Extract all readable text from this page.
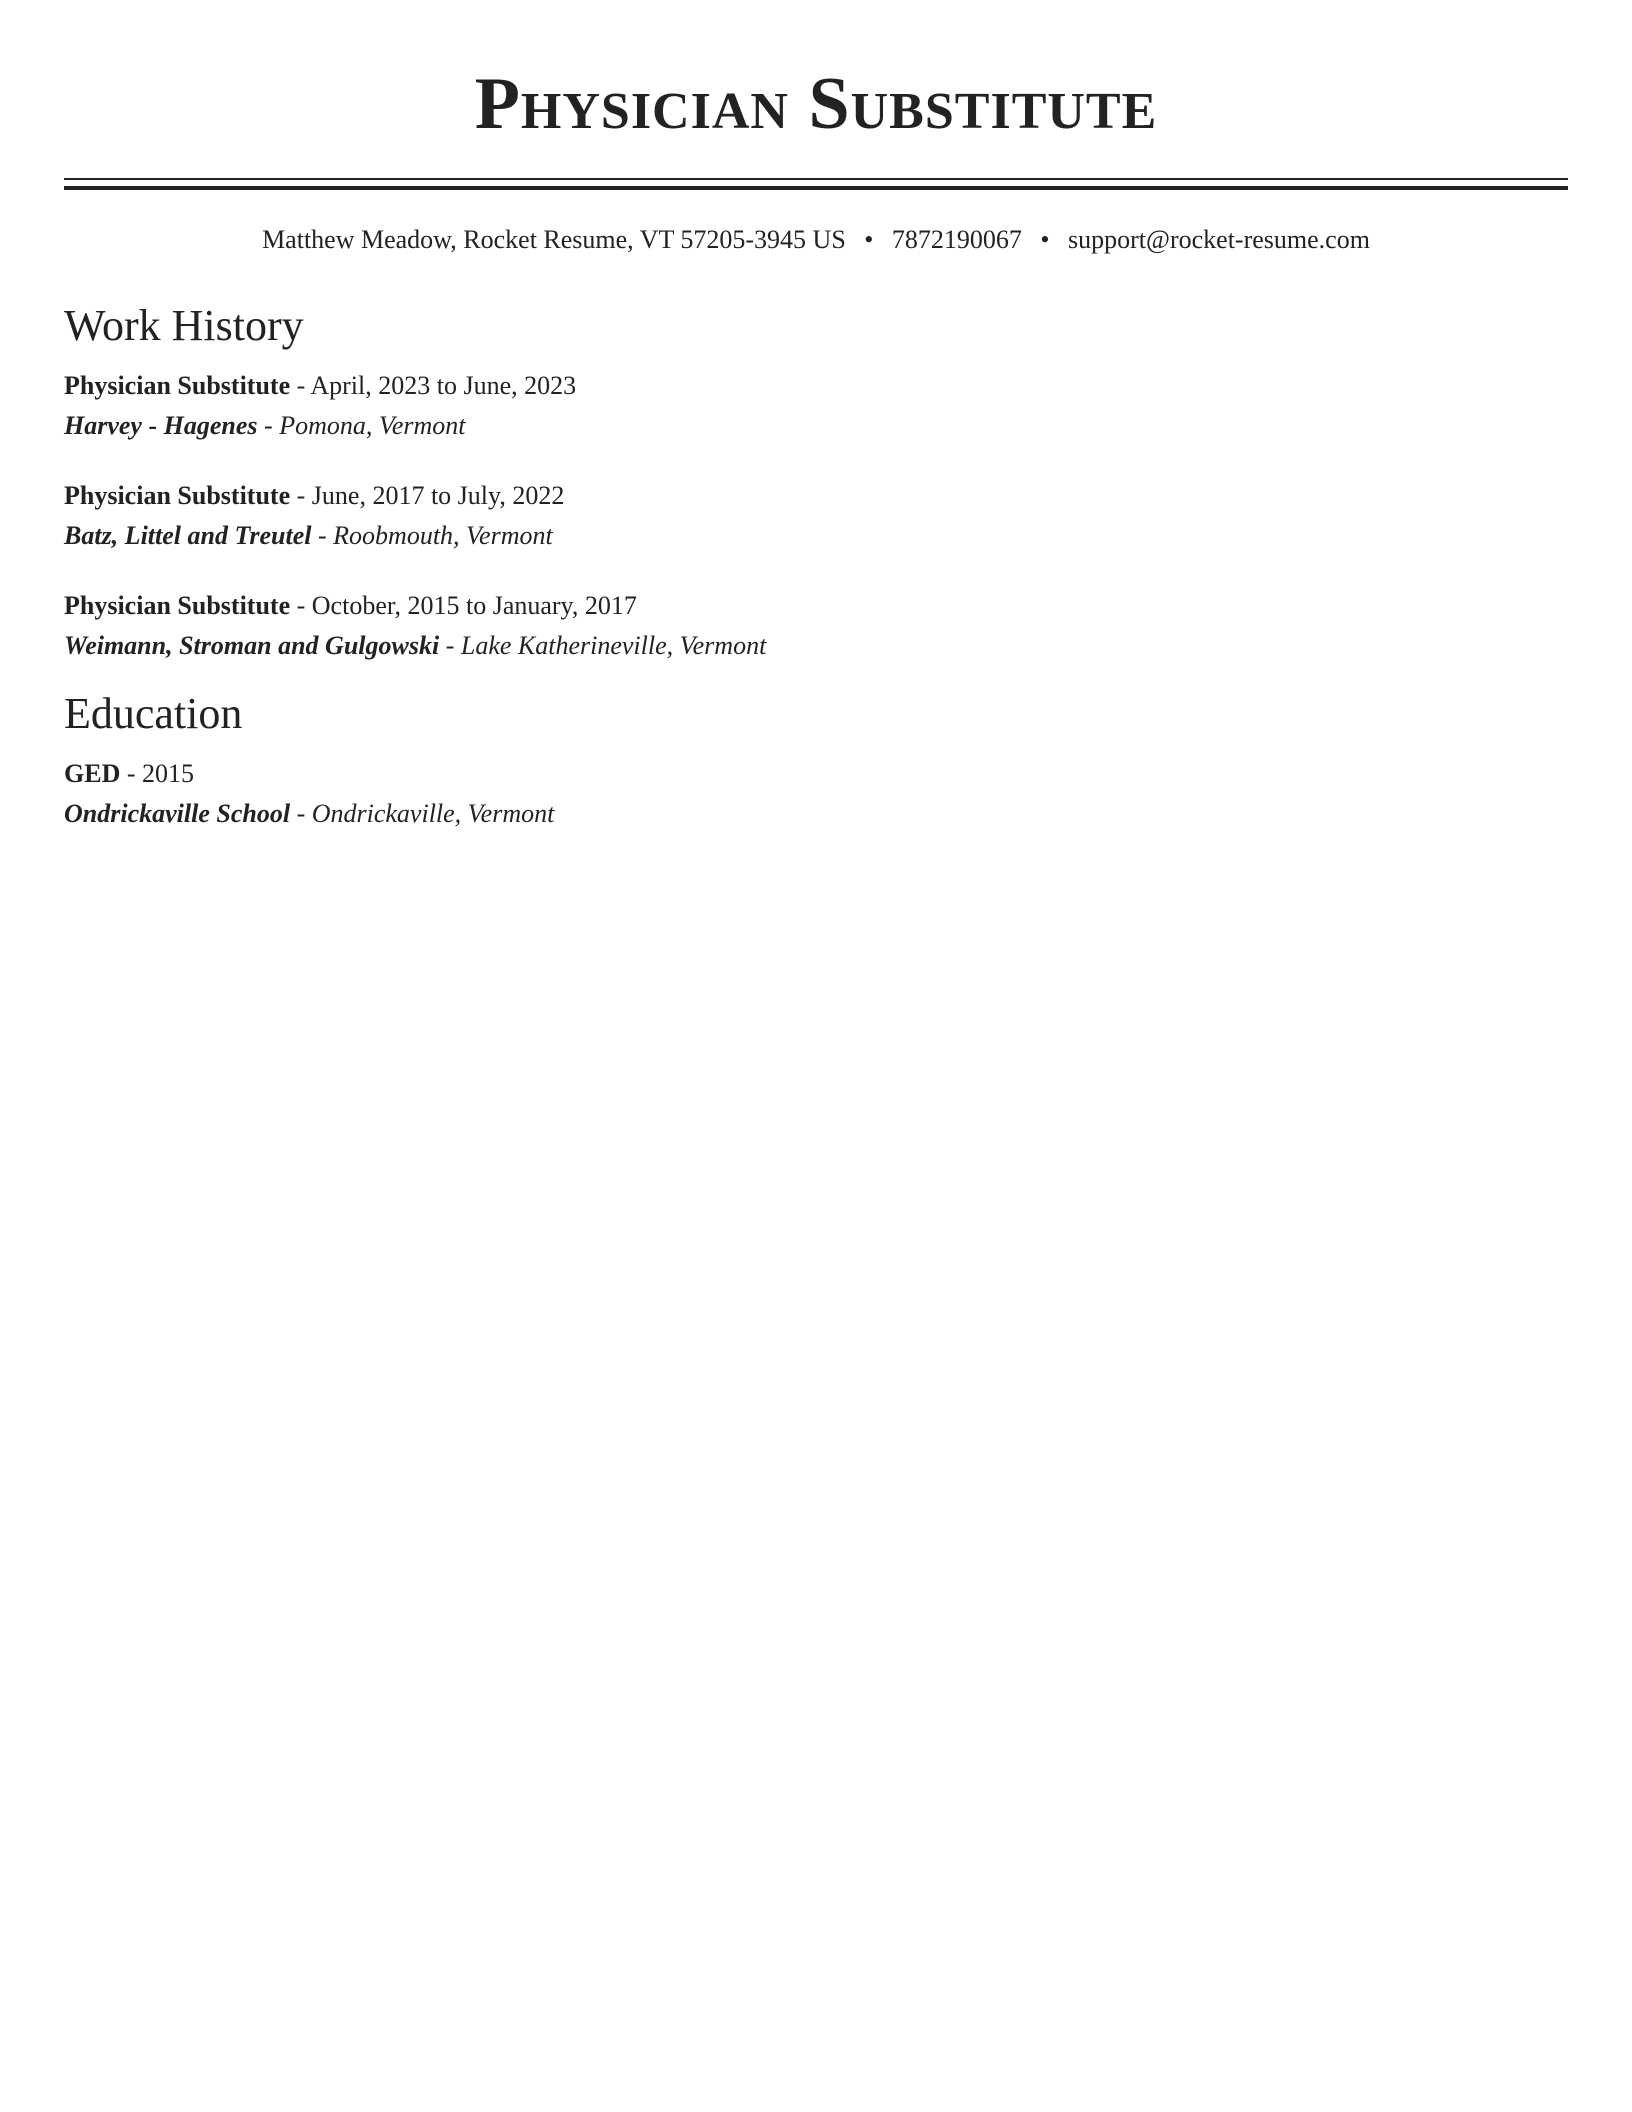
Physician Substitute
Matthew Meadow, Rocket Resume, VT 57205-3945 US • 7872190067 • support@rocket-resume.com
Work History
Physician Substitute - April, 2023 to June, 2023
Harvey - Hagenes - Pomona, Vermont
Physician Substitute - June, 2017 to July, 2022
Batz, Littel and Treutel - Roobmouth, Vermont
Physician Substitute - October, 2015 to January, 2017
Weimann, Stroman and Gulgowski - Lake Katherineville, Vermont
Education
GED - 2015
Ondrickaville School - Ondrickaville, Vermont
